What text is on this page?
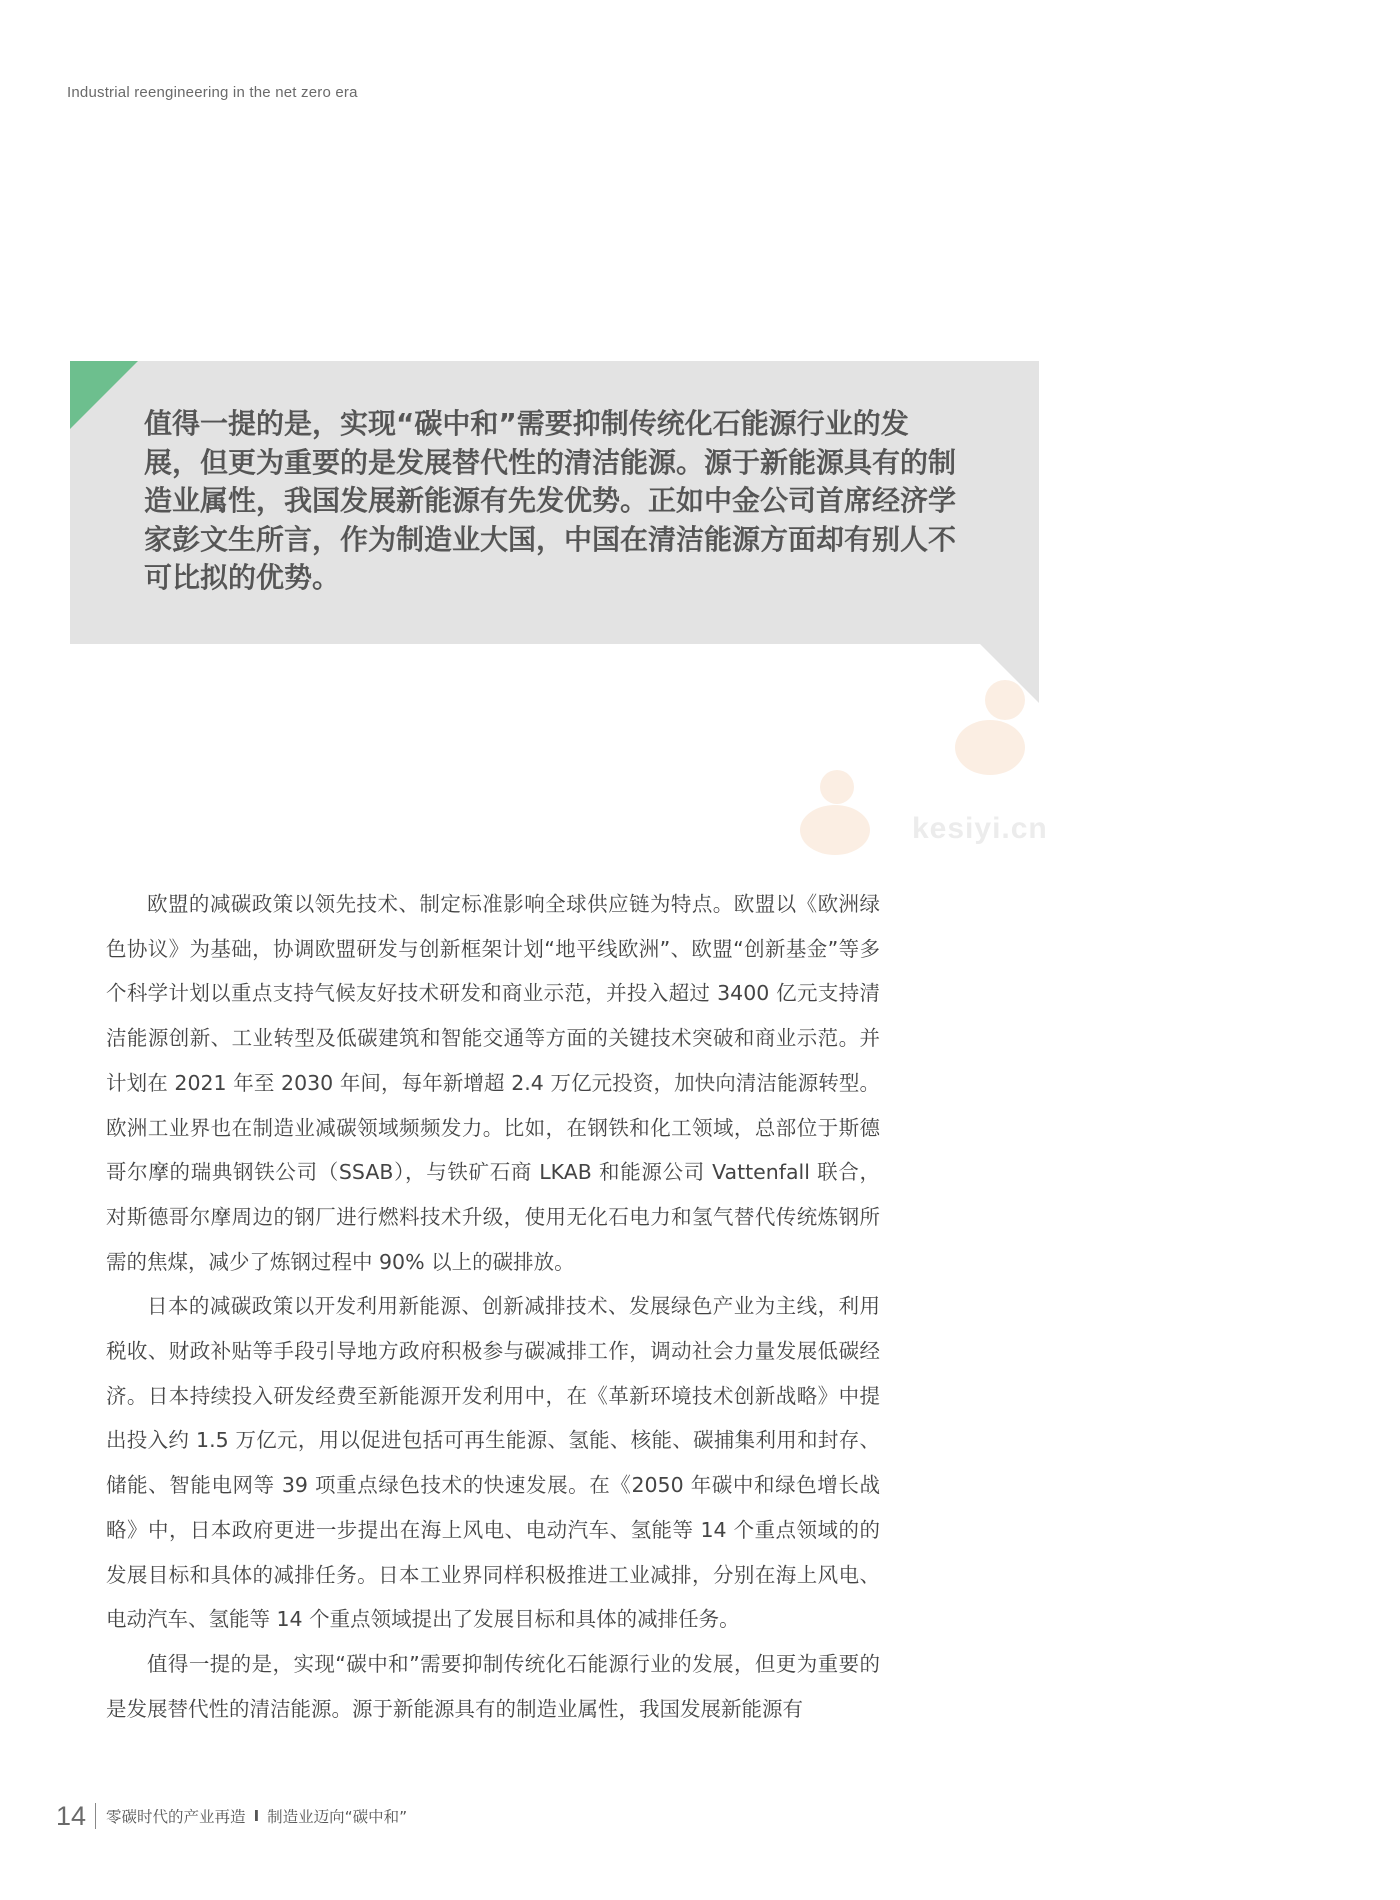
Industrial reengineering in the net zero era

值得一提的是，实现“碳中和”需要抑制传统化石能源行业的发展，但更为重要的是发展替代性的清洁能源。源于新能源具有的制造业属性，我国发展新能源有先发优势。正如中金公司首席经济学家彭文生所言，作为制造业大国，中国在清洁能源方面却有别人不可比拟的优势。

kesiyi.cn

欧盟的减碳政策以领先技术、制定标准影响全球供应链为特点。欧盟以《欧洲绿色协议》为基础，协调欧盟研发与创新框架计划“地平线欧洲”、欧盟“创新基金”等多个科学计划以重点支持气候友好技术研发和商业示范，并投入超过 3400 亿元支持清洁能源创新、工业转型及低碳建筑和智能交通等方面的关键技术突破和商业示范。并计划在 2021 年至 2030 年间，每年新增超 2.4 万亿元投资，加快向清洁能源转型。欧洲工业界也在制造业减碳领域频频发力。比如，在钢铁和化工领域，总部位于斯德哥尔摩的瑞典钢铁公司（SSAB），与铁矿石商 LKAB 和能源公司 Vattenfall 联合，对斯德哥尔摩周边的钢厂进行燃料技术升级，使用无化石电力和氢气替代传统炼钢所需的焦煤，减少了炼钢过程中 90% 以上的碳排放。

日本的减碳政策以开发利用新能源、创新减排技术、发展绿色产业为主线，利用税收、财政补贴等手段引导地方政府积极参与碳减排工作，调动社会力量发展低碳经济。日本持续投入研发经费至新能源开发利用中，在《革新环境技术创新战略》中提出投入约 1.5 万亿元，用以促进包括可再生能源、氢能、核能、碳捕集利用和封存、储能、智能电网等 39 项重点绿色技术的快速发展。在《2050 年碳中和绿色增长战略》中，日本政府更进一步提出在海上风电、电动汽车、氢能等 14 个重点领域的的发展目标和具体的减排任务。日本工业界同样积极推进工业减排，分别在海上风电、电动汽车、氢能等 14 个重点领域提出了发展目标和具体的减排任务。

值得一提的是，实现“碳中和”需要抑制传统化石能源行业的发展，但更为重要的是发展替代性的清洁能源。源于新能源具有的制造业属性，我国发展新能源有

14 零碳时代的产业再造 I 制造业迈向“碳中和”
